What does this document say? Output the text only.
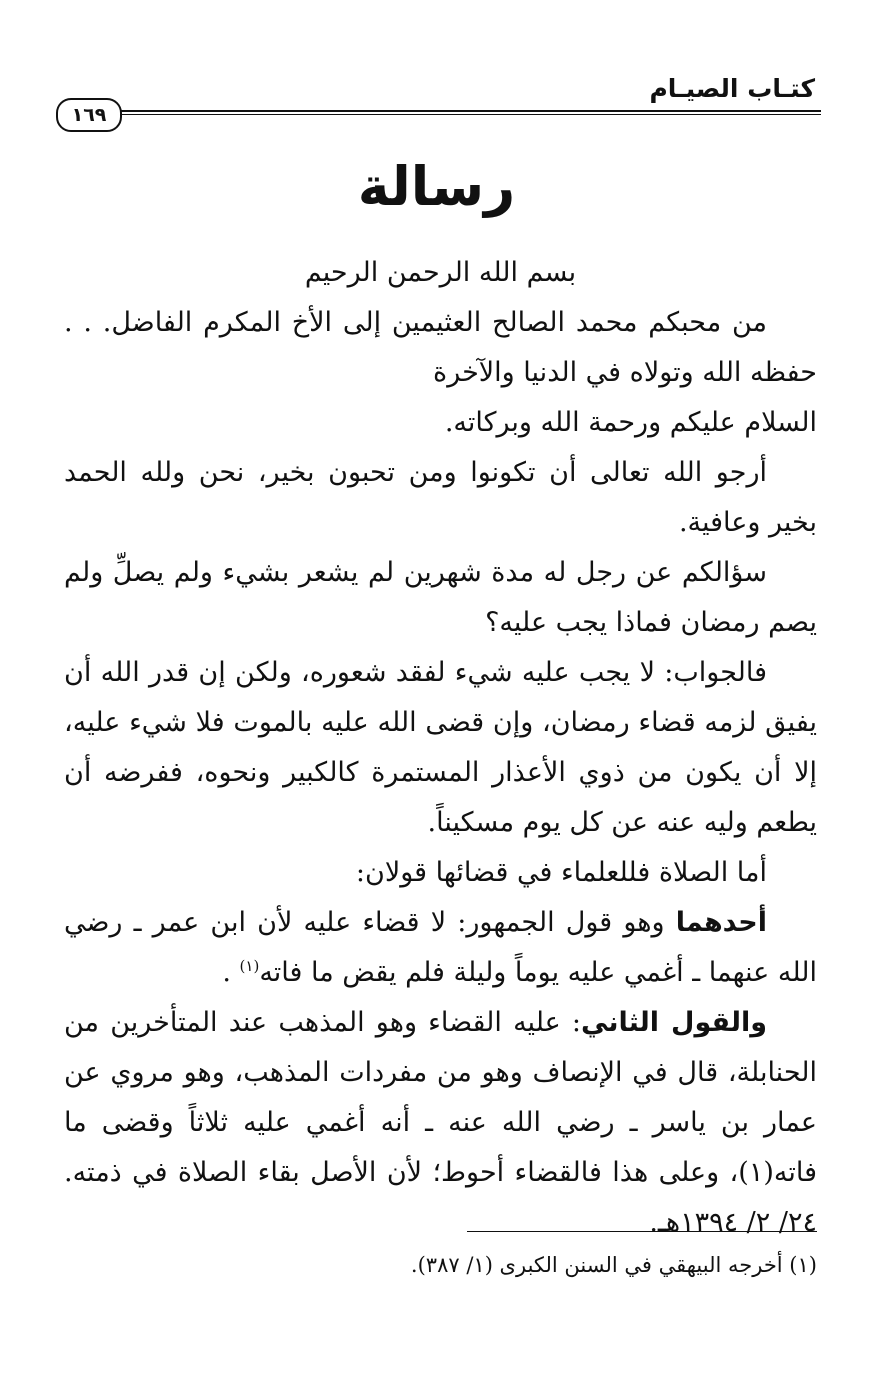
كتـاب الصيـام
١٦٩
رسالة

بسم الله الرحمن الرحيم

من محبكم محمد الصالح العثيمين إلى الأخ المكرم الفاضل. . . حفظه الله وتولاه في الدنيا والآخرة

السلام عليكم ورحمة الله وبركاته.

أرجو الله تعالى أن تكونوا ومن تحبون بخير، نحن ولله الحمد بخير وعافية.

سؤالكم عن رجل له مدة شهرين لم يشعر بشيء ولم يصلِّ ولم يصم رمضان فماذا يجب عليه؟

فالجواب: لا يجب عليه شيء لفقد شعوره، ولكن إن قدر الله أن يفيق لزمه قضاء رمضان، وإن قضى الله عليه بالموت فلا شيء عليه، إلا أن يكون من ذوي الأعذار المستمرة كالكبير ونحوه، ففرضه أن يطعم وليه عنه عن كل يوم مسكيناً.

أما الصلاة فللعلماء في قضائها قولان:

أحدهما وهو قول الجمهور: لا قضاء عليه لأن ابن عمر ـ رضي الله عنهما ـ أغمي عليه يوماً وليلة فلم يقض ما فاته$^{(١)}$ .

والقول الثاني: عليه القضاء وهو المذهب عند المتأخرين من الحنابلة، قال في الإنصاف وهو من مفردات المذهب، وهو مروي عن عمار بن ياسر ـ رضي الله عنه ـ أنه أغمي عليه ثلاثاً وقضى ما فاته(١)، وعلى هذا فالقضاء أحوط؛ لأن الأصل بقاء الصلاة في ذمته. ٢٤/ ٢/ ١٣٩٤هـ.

(١) أخرجه البيهقي في السنن الكبرى (١/ ٣٨٧).
